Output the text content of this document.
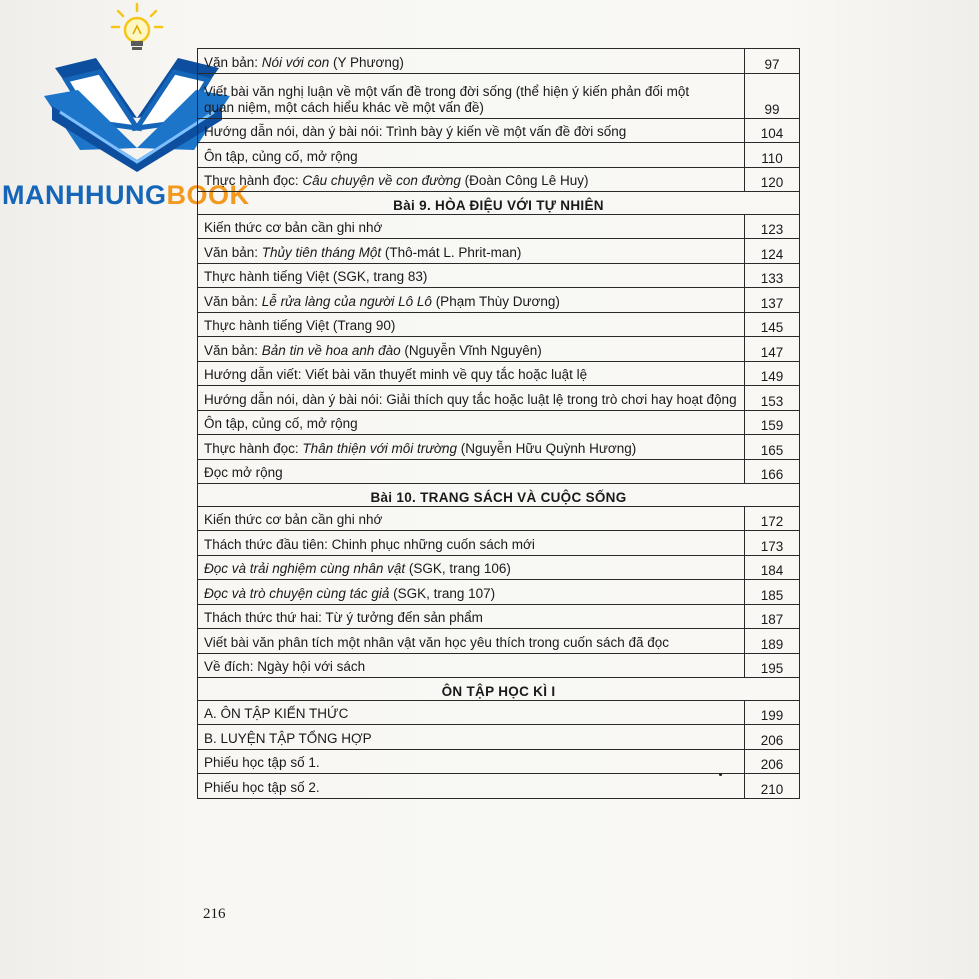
MANHHUNGBOOK
Văn bản: Nói với con (Y Phương)	97

Viết bài văn nghị luận về một vấn đề trong đời sống (thể hiện ý kiến phản đối một
quan niệm, một cách hiểu khác về một vấn đề)	99
Hướng dẫn nói, dàn ý bài nói: Trình bày ý kiến về một vấn đề đời sống	104
Ôn tập, củng cố, mở rộng	110
Thực hành đọc: Câu chuyện về con đường (Đoàn Công Lê Huy)	120
Bài 9. HÒA ĐIỆU VỚI TỰ NHIÊN	
Kiến thức cơ bản cần ghi nhớ	123
Văn bản: Thủy tiên tháng Một (Thô-mát L. Phrit-man)	124
Thực hành tiếng Việt (SGK, trang 83)	133
Văn bản: Lễ rửa làng của người Lô Lô (Phạm Thùy Dương)	137
Thực hành tiếng Việt (Trang 90)	145
Văn bản: Bản tin về hoa anh đào (Nguyễn Vĩnh Nguyên)	147
Hướng dẫn viết: Viết bài văn thuyết minh về quy tắc hoặc luật lệ	149
Hướng dẫn nói, dàn ý bài nói: Giải thích quy tắc hoặc luật lệ trong trò chơi hay hoạt động	153
Ôn tập, củng cố, mở rộng	159
Thực hành đọc: Thân thiện với môi trường (Nguyễn Hữu Quỳnh Hương)	165
Đọc mở rộng	166
Bài 10. TRANG SÁCH VÀ CUỘC SỐNG	
Kiến thức cơ bản cần ghi nhớ	172
Thách thức đầu tiên: Chinh phục những cuốn sách mới	173
Đọc và trải nghiệm cùng nhân vật (SGK, trang 106)	184
Đọc và trò chuyện cùng tác giả (SGK, trang 107)	185
Thách thức thứ hai: Từ ý tưởng đến sản phẩm	187
Viết bài văn phân tích một nhân vật văn học yêu thích trong cuốn sách đã đọc	189
Về đích: Ngày hội với sách	195
ÔN TẬP HỌC KÌ I	
A. ÔN TẬP KIẾN THỨC	199
B. LUYỆN TẬP TỔNG HỢP	206
Phiếu học tập số 1.	206
Phiếu học tập số 2.	210
216
